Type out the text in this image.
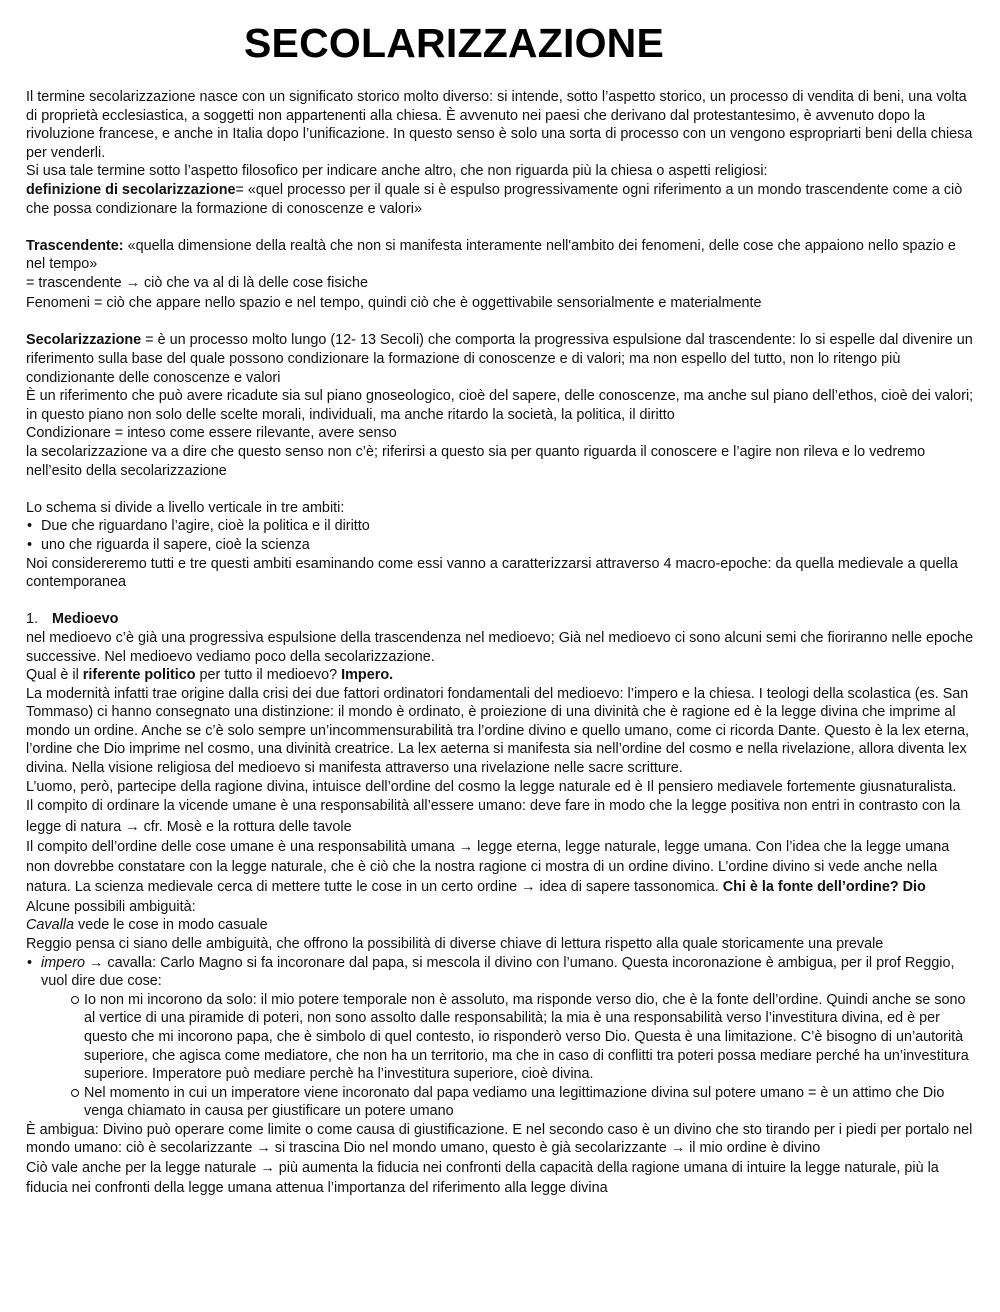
SECOLARIZZAZIONE

Il termine secolarizzazione nasce con un significato storico molto diverso: si intende, sotto l’aspetto storico, un processo di vendita di beni, una volta di proprietà ecclesiastica, a soggetti non appartenenti alla chiesa. È avvenuto nei paesi che derivano dal protestantesimo, è avvenuto dopo la rivoluzione francese, e anche in Italia dopo l’unificazione. In questo senso è solo una sorta di processo con un vengono espropriarti beni della chiesa per venderli.

Si usa tale termine sotto l’aspetto filosofico per indicare anche altro, che non riguarda più la chiesa o aspetti religiosi:

definizione di secolarizzazione= «quel processo per il quale si è espulso progressivamente ogni riferimento a un mondo trascendente come a ciò che possa condizionare la formazione di conoscenze e valori»

Trascendente: «quella dimensione della realtà che non si manifesta interamente nell'ambito dei fenomeni, delle cose che appaiono nello spazio e nel tempo»

= trascendente → ciò che va al di là delle cose fisiche

Fenomeni = ciò che appare nello spazio e nel tempo, quindi ciò che è oggettivabile sensorialmente e materialmente

Secolarizzazione = è un processo molto lungo (12- 13 Secoli) che comporta la progressiva espulsione dal trascendente: lo si espelle dal divenire un riferimento sulla base del quale possono condizionare la formazione di conoscenze e di valori; ma non espello del tutto, non lo ritengo più condizionante delle conoscenze e valori

È un riferimento che può avere ricadute sia sul piano gnoseologico, cioè del sapere, delle conoscenze, ma anche sul piano dell’ethos, cioè dei valori; in questo piano non solo delle scelte morali, individuali, ma anche ritardo la società, la politica, il diritto

Condizionare = inteso come essere rilevante, avere senso

la secolarizzazione va a dire che questo senso non c’è; riferirsi a questo sia per quanto riguarda il conoscere e l’agire non rileva e lo vedremo nell’esito della secolarizzazione

Lo schema si divide a livello verticale in tre ambiti:

• Due che riguardano l’agire, cioè la politica e il diritto
• uno che riguarda il sapere, cioè la scienza

Noi considereremo tutti e tre questi ambiti esaminando come essi vanno a caratterizzarsi attraverso 4 macro-epoche: da quella medievale a quella contemporanea

1. Medioevo

nel medioevo c’è già una progressiva espulsione della trascendenza nel medioevo; Già nel medioevo ci sono alcuni semi che fioriranno nelle epoche successive. Nel medioevo vediamo poco della secolarizzazione.

Qual è il riferente politico per tutto il medioevo? Impero.

La modernità infatti trae origine dalla crisi dei due fattori ordinatori fondamentali del medioevo: l’impero e la chiesa. I teologi della scolastica (es. San Tommaso) ci hanno consegnato una distinzione: il mondo è ordinato, è proiezione di una divinità che è ragione ed è la legge divina che imprime al mondo un ordine. Anche se c’è solo sempre un’incommensurabilità tra l’ordine divino e quello umano, come ci ricorda Dante. Questo è la lex eterna, l’ordine che Dio imprime nel cosmo, una divinità creatrice. La lex aeterna si manifesta sia nell’ordine del cosmo e nella rivelazione, allora diventa lex divina. Nella visione religiosa del medioevo si manifesta attraverso una rivelazione nelle sacre scritture.

L’uomo, però, partecipe della ragione divina, intuisce dell’ordine del cosmo la legge naturale ed è Il pensiero mediavele fortemente giusnaturalista.

Il compito di ordinare la vicende umane è una responsabilità all’essere umano: deve fare in modo che la legge positiva non entri in contrasto con la legge di natura → cfr. Mosè e la rottura delle tavole

Il compito dell’ordine delle cose umane è una responsabilità umana → legge eterna, legge naturale, legge umana. Con l’idea che la legge umana non dovrebbe constatare con la legge naturale, che è ciò che la nostra ragione ci mostra di un ordine divino. L’ordine divino si vede anche nella natura. La scienza medievale cerca di mettere tutte le cose in un certo ordine → idea di sapere tassonomica. Chi è la fonte dell’ordine? Dio

Alcune possibili ambiguità:

Cavalla vede le cose in modo casuale

Reggio pensa ci siano delle ambiguità, che offrono la possibilità di diverse chiave di lettura rispetto alla quale storicamente una prevale

• impero → cavalla: Carlo Magno si fa incoronare dal papa, si mescola il divino con l’umano. Questa incoronazione è ambigua, per il prof Reggio, vuol dire due cose:
Io non mi incorono da solo: il mio potere temporale non è assoluto, ma risponde verso dio, che è la fonte dell’ordine. Quindi anche se sono al vertice di una piramide di poteri, non sono assolto dalle responsabilità; la mia è una responsabilità verso l’investitura divina, ed è per questo che mi incorono papa, che è simbolo di quel contesto, io risponderò verso Dio. Questa è una limitazione. C’è bisogno di un’autorità superiore, che agisca come mediatore, che non ha un territorio, ma che in caso di conflitti tra poteri possa mediare perché ha un’investitura superiore. Imperatore può mediare perchè ha l’investitura superiore, cioè divina.
Nel momento in cui un imperatore viene incoronato dal papa vediamo una legittimazione divina sul potere umano = è un attimo che Dio venga chiamato in causa per giustificare un potere umano

È ambigua: Divino può operare come limite o come causa di giustificazione. E nel secondo caso è un divino che sto tirando per i piedi per portalo nel mondo umano: ciò è secolarizzante → si trascina Dio nel mondo umano, questo è già secolarizzante → il mio ordine è divino

Ciò vale anche per la legge naturale → più aumenta la fiducia nei confronti della capacità della ragione umana di intuire la legge naturale, più la fiducia nei confronti della legge umana attenua l’importanza del riferimento alla legge divina
